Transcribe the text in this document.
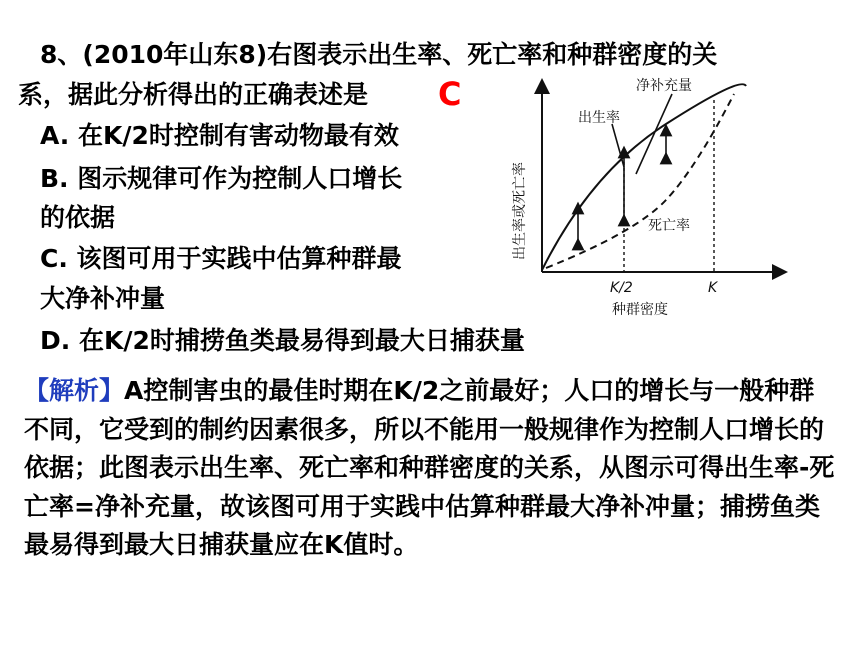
8、(2010年山东8)右图表示出生率、死亡率和种群密度的关
系，据此分析得出的正确表述是 C
A. 在K/2时控制有害动物最有效
B. 图示规律可作为控制人口增长
的依据
C. 该图可用于实践中估算种群最
大净补冲量
D. 在K/2时捕捞鱼类最易得到最大日捕获量
净补充量
出生率
死亡率
K/2	K
种群密度
出生率或死亡率
【解析】A控制害虫的最佳时期在K/2之前最好；人口的增长与一般种群不同，它受到的制约因素很多，所以不能用一般规律作为控制人口增长的依据；此图表示出生率、死亡率和种群密度的关系，从图示可得出生率-死亡率=净补充量，故该图可用于实践中估算种群最大净补冲量；捕捞鱼类最易得到最大日捕获量应在K值时。
